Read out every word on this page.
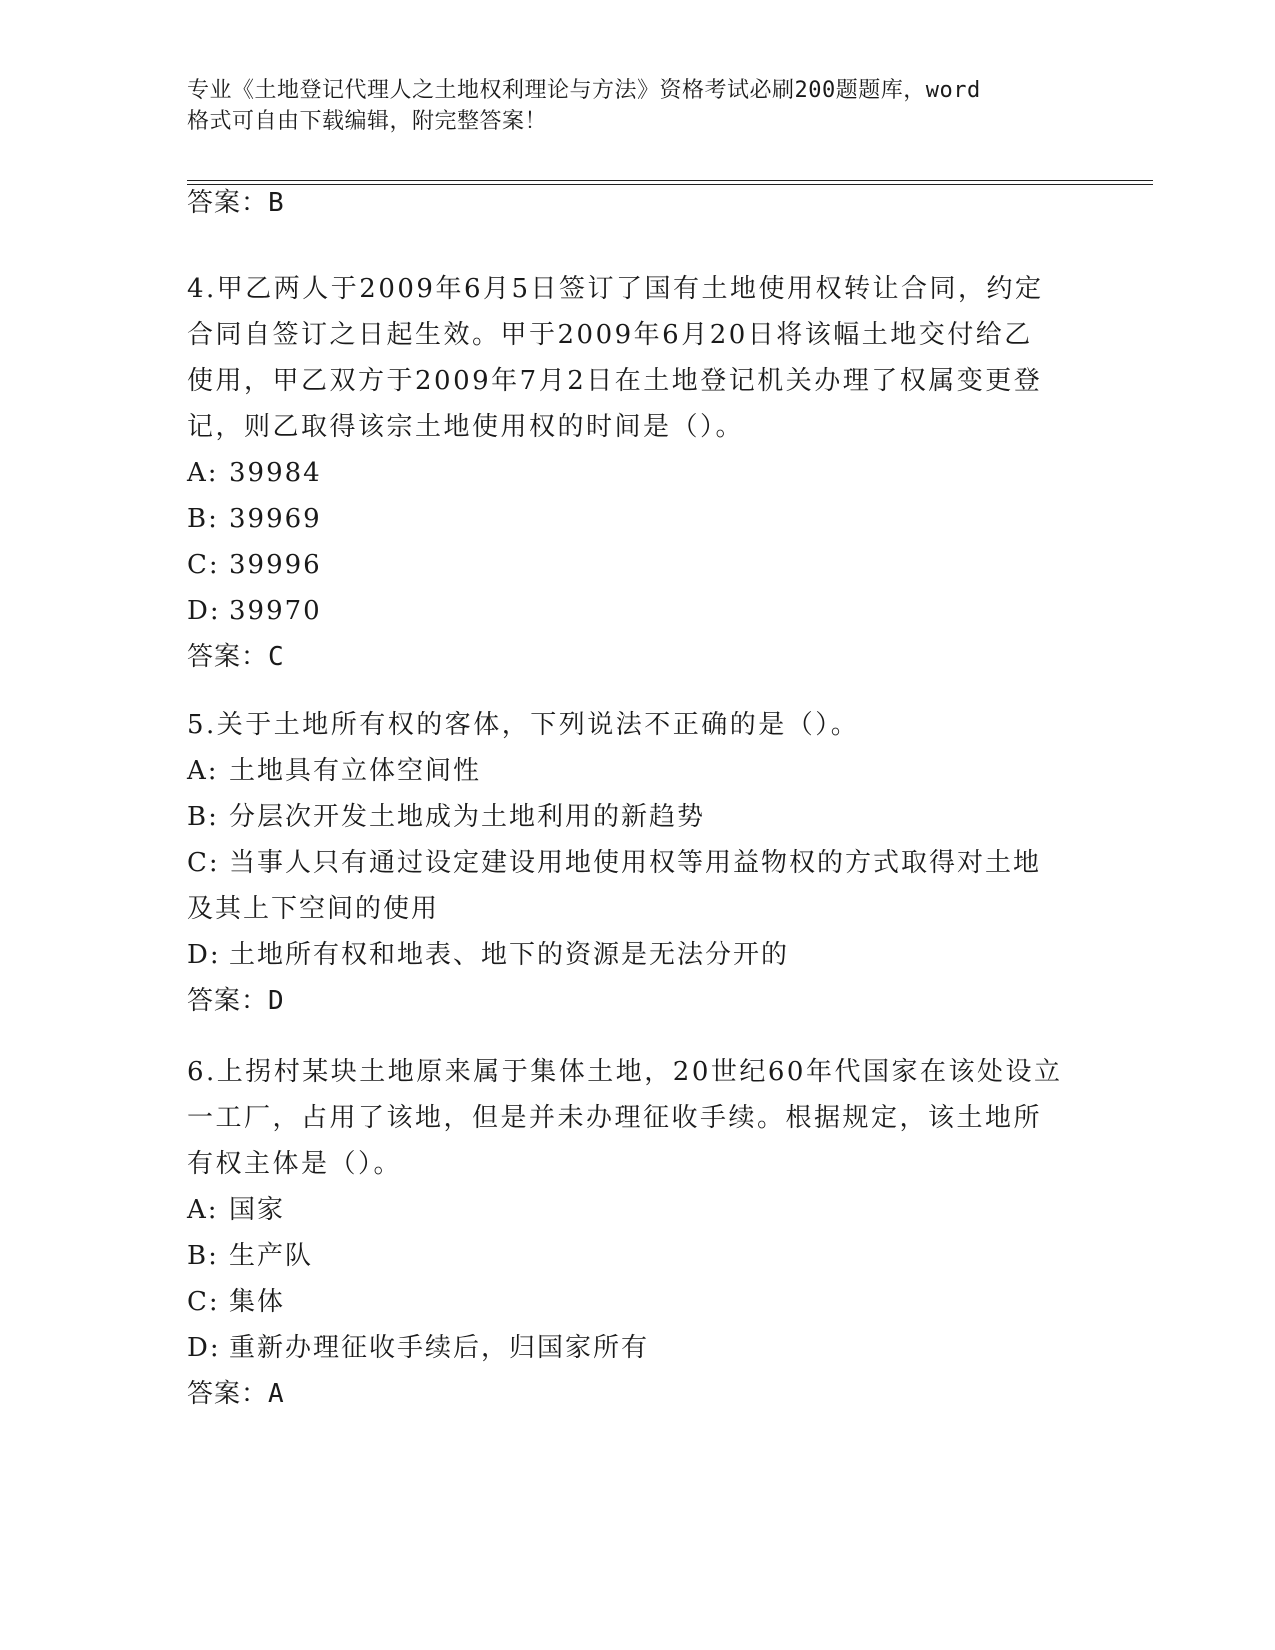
专业《土地登记代理人之土地权利理论与方法》资格考试必刷200题题库，word
格式可自由下载编辑，附完整答案！
答案：B
4.甲乙两人于2009年6月5日签订了国有土地使用权转让合同，约定合同自签订之日起生效。甲于2009年6月20日将该幅土地交付给乙使用，甲乙双方于2009年7月2日在土地登记机关办理了权属变更登记，则乙取得该宗土地使用权的时间是（）。
A: 39984
B: 39969
C: 39996
D: 39970
答案：C
5.关于土地所有权的客体，下列说法不正确的是（）。
A: 土地具有立体空间性
B: 分层次开发土地成为土地利用的新趋势
C: 当事人只有通过设定建设用地使用权等用益物权的方式取得对土地及其上下空间的使用
D: 土地所有权和地表、地下的资源是无法分开的
答案：D
6.上拐村某块土地原来属于集体土地，20世纪60年代国家在该处设立一工厂，占用了该地，但是并未办理征收手续。根据规定，该土地所有权主体是（）。
A: 国家
B: 生产队
C: 集体
D: 重新办理征收手续后，归国家所有
答案：A
